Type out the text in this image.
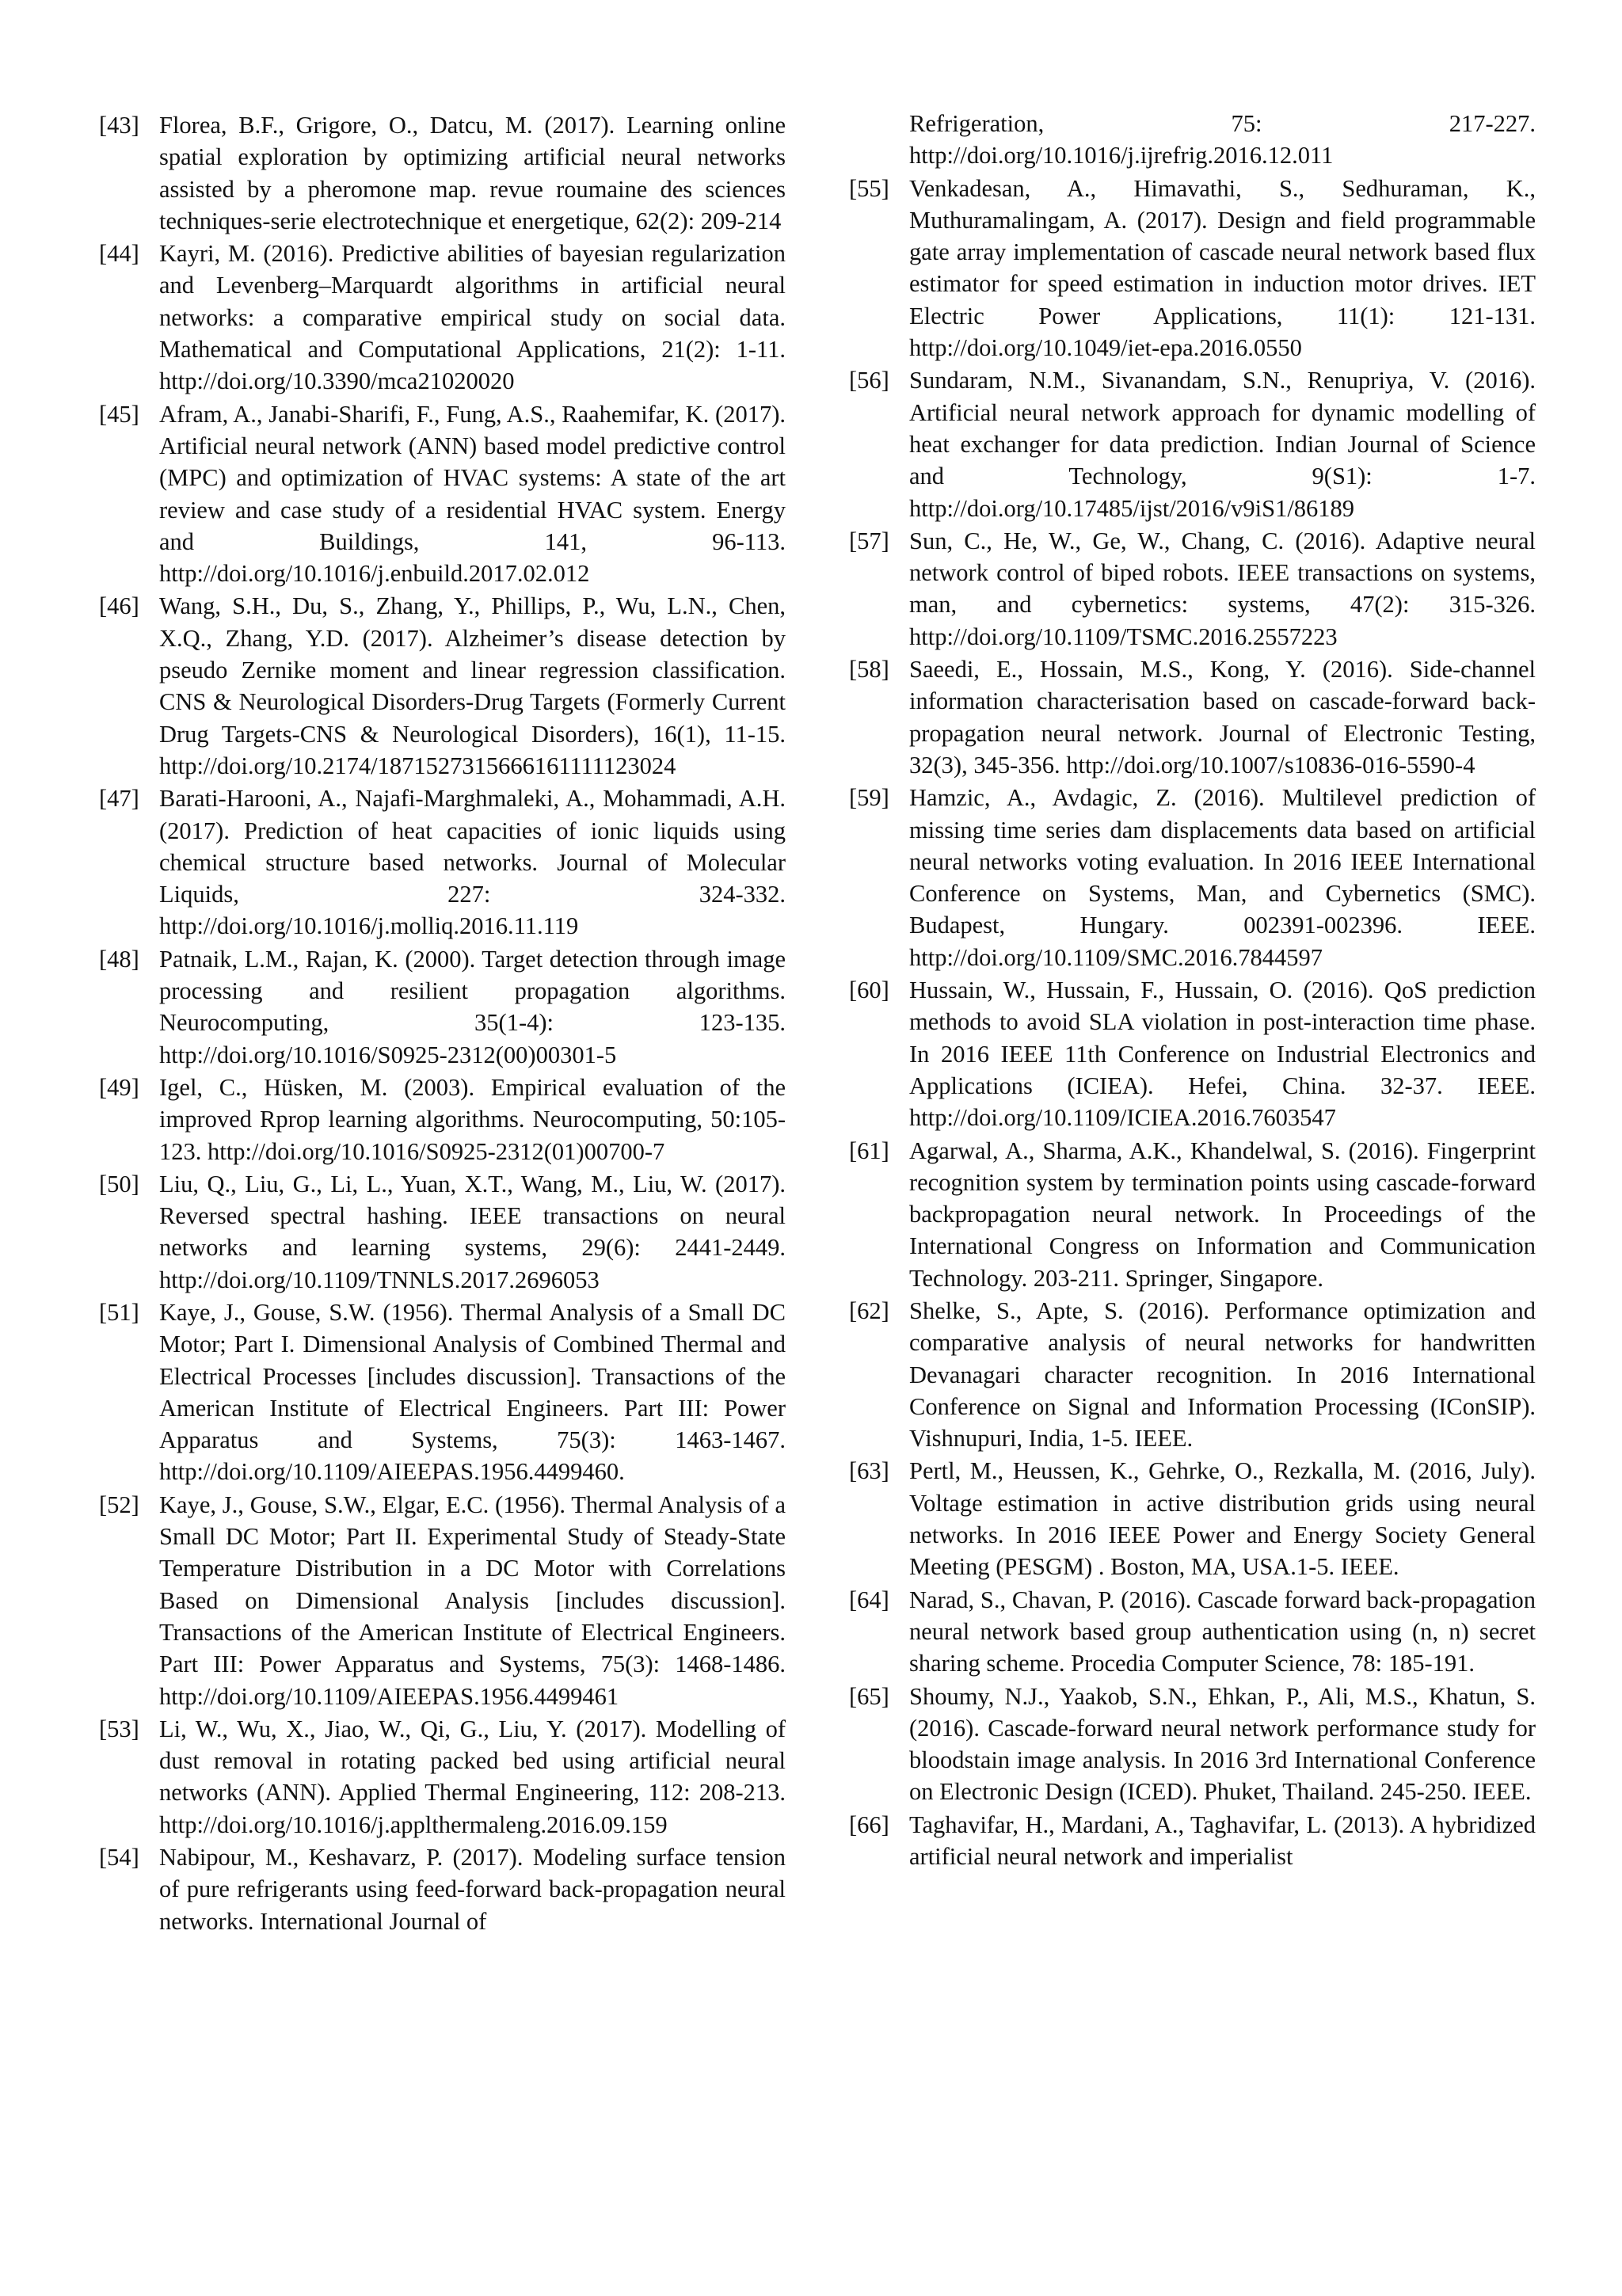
[43] Florea, B.F., Grigore, O., Datcu, M. (2017). Learning online spatial exploration by optimizing artificial neural networks assisted by a pheromone map. revue roumaine des sciences techniques-serie electrotechnique et energetique, 62(2): 209-214
[44] Kayri, M. (2016). Predictive abilities of bayesian regularization and Levenberg–Marquardt algorithms in artificial neural networks: a comparative empirical study on social data. Mathematical and Computational Applications, 21(2): 1-11. http://doi.org/10.3390/mca21020020
[45] Afram, A., Janabi-Sharifi, F., Fung, A.S., Raahemifar, K. (2017). Artificial neural network (ANN) based model predictive control (MPC) and optimization of HVAC systems: A state of the art review and case study of a residential HVAC system. Energy and Buildings, 141, 96-113. http://doi.org/10.1016/j.enbuild.2017.02.012
[46] Wang, S.H., Du, S., Zhang, Y., Phillips, P., Wu, L.N., Chen, X.Q., Zhang, Y.D. (2017). Alzheimer’s disease detection by pseudo Zernike moment and linear regression classification. CNS & Neurological Disorders-Drug Targets (Formerly Current Drug Targets-CNS & Neurological Disorders), 16(1), 11-15. http://doi.org/10.2174/1871527315666161111123024
[47] Barati-Harooni, A., Najafi-Marghmaleki, A., Mohammadi, A.H. (2017). Prediction of heat capacities of ionic liquids using chemical structure based networks. Journal of Molecular Liquids, 227: 324-332. http://doi.org/10.1016/j.molliq.2016.11.119
[48] Patnaik, L.M., Rajan, K. (2000). Target detection through image processing and resilient propagation algorithms. Neurocomputing, 35(1-4): 123-135. http://doi.org/10.1016/S0925-2312(00)00301-5
[49] Igel, C., Hüsken, M. (2003). Empirical evaluation of the improved Rprop learning algorithms. Neurocomputing, 50:105-123. http://doi.org/10.1016/S0925-2312(01)00700-7
[50] Liu, Q., Liu, G., Li, L., Yuan, X.T., Wang, M., Liu, W. (2017). Reversed spectral hashing. IEEE transactions on neural networks and learning systems, 29(6): 2441-2449. http://doi.org/10.1109/TNNLS.2017.2696053
[51] Kaye, J., Gouse, S.W. (1956). Thermal Analysis of a Small DC Motor; Part I. Dimensional Analysis of Combined Thermal and Electrical Processes [includes discussion]. Transactions of the American Institute of Electrical Engineers. Part III: Power Apparatus and Systems, 75(3): 1463-1467. http://doi.org/10.1109/AIEEPAS.1956.4499460.
[52] Kaye, J., Gouse, S.W., Elgar, E.C. (1956). Thermal Analysis of a Small DC Motor; Part II. Experimental Study of Steady-State Temperature Distribution in a DC Motor with Correlations Based on Dimensional Analysis [includes discussion]. Transactions of the American Institute of Electrical Engineers. Part III: Power Apparatus and Systems, 75(3): 1468-1486. http://doi.org/10.1109/AIEEPAS.1956.4499461
[53] Li, W., Wu, X., Jiao, W., Qi, G., Liu, Y. (2017). Modelling of dust removal in rotating packed bed using artificial neural networks (ANN). Applied Thermal Engineering, 112: 208-213. http://doi.org/10.1016/j.applthermaleng.2016.09.159
[54] Nabipour, M., Keshavarz, P. (2017). Modeling surface tension of pure refrigerants using feed-forward back-propagation neural networks. International Journal of
Refrigeration, 75: 217-227. http://doi.org/10.1016/j.ijrefrig.2016.12.011
[55] Venkadesan, A., Himavathi, S., Sedhuraman, K., Muthuramalingam, A. (2017). Design and field programmable gate array implementation of cascade neural network based flux estimator for speed estimation in induction motor drives. IET Electric Power Applications, 11(1): 121-131. http://doi.org/10.1049/iet-epa.2016.0550
[56] Sundaram, N.M., Sivanandam, S.N., Renupriya, V. (2016). Artificial neural network approach for dynamic modelling of heat exchanger for data prediction. Indian Journal of Science and Technology, 9(S1): 1-7. http://doi.org/10.17485/ijst/2016/v9iS1/86189
[57] Sun, C., He, W., Ge, W., Chang, C. (2016). Adaptive neural network control of biped robots. IEEE transactions on systems, man, and cybernetics: systems, 47(2): 315-326. http://doi.org/10.1109/TSMC.2016.2557223
[58] Saeedi, E., Hossain, M.S., Kong, Y. (2016). Side-channel information characterisation based on cascade-forward back-propagation neural network. Journal of Electronic Testing, 32(3), 345-356. http://doi.org/10.1007/s10836-016-5590-4
[59] Hamzic, A., Avdagic, Z. (2016). Multilevel prediction of missing time series dam displacements data based on artificial neural networks voting evaluation. In 2016 IEEE International Conference on Systems, Man, and Cybernetics (SMC). Budapest, Hungary. 002391-002396. IEEE. http://doi.org/10.1109/SMC.2016.7844597
[60] Hussain, W., Hussain, F., Hussain, O. (2016). QoS prediction methods to avoid SLA violation in post-interaction time phase. In 2016 IEEE 11th Conference on Industrial Electronics and Applications (ICIEA). Hefei, China. 32-37. IEEE. http://doi.org/10.1109/ICIEA.2016.7603547
[61] Agarwal, A., Sharma, A.K., Khandelwal, S. (2016). Fingerprint recognition system by termination points using cascade-forward backpropagation neural network. In Proceedings of the International Congress on Information and Communication Technology. 203-211. Springer, Singapore.
[62] Shelke, S., Apte, S. (2016). Performance optimization and comparative analysis of neural networks for handwritten Devanagari character recognition. In 2016 International Conference on Signal and Information Processing (IConSIP). Vishnupuri, India, 1-5. IEEE.
[63] Pertl, M., Heussen, K., Gehrke, O., Rezkalla, M. (2016, July). Voltage estimation in active distribution grids using neural networks. In 2016 IEEE Power and Energy Society General Meeting (PESGM) . Boston, MA, USA.1-5. IEEE.
[64] Narad, S., Chavan, P. (2016). Cascade forward back-propagation neural network based group authentication using (n, n) secret sharing scheme. Procedia Computer Science, 78: 185-191.
[65] Shoumy, N.J., Yaakob, S.N., Ehkan, P., Ali, M.S., Khatun, S. (2016). Cascade-forward neural network performance study for bloodstain image analysis. In 2016 3rd International Conference on Electronic Design (ICED). Phuket, Thailand. 245-250. IEEE.
[66] Taghavifar, H., Mardani, A., Taghavifar, L. (2013). A hybridized artificial neural network and imperialist
